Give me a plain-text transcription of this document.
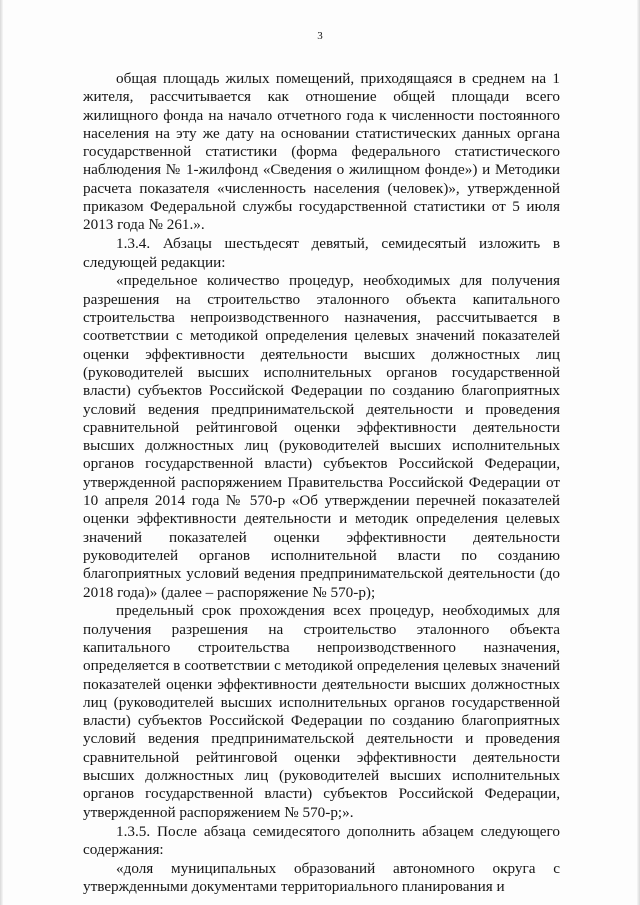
3

общая площадь жилых помещений, приходящаяся в среднем на 1 жителя, рассчитывается как отношение общей площади всего жилищного фонда на начало отчетного года к численности постоянного населения на эту же дату на основании статистических данных органа государственной статистики (форма федерального статистического наблюдения № 1-жилфонд «Сведения о жилищном фонде») и Методики расчета показателя «численность населения (человек)», утвержденной приказом Федеральной службы государственной статистики от 5 июля 2013 года № 261.».

1.3.4. Абзацы шестьдесят девятый, семидесятый изложить в следующей редакции:

«предельное количество процедур, необходимых для получения разрешения на строительство эталонного объекта капитального строительства непроизводственного назначения, рассчитывается в соответствии с методикой определения целевых значений показателей оценки эффективности деятельности высших должностных лиц (руководителей высших исполнительных органов государственной власти) субъектов Российской Федерации по созданию благоприятных условий ведения предпринимательской деятельности и проведения сравнительной рейтинговой оценки эффективности деятельности высших должностных лиц (руководителей высших исполнительных органов государственной власти) субъектов Российской Федерации, утвержденной распоряжением Правительства Российской Федерации от 10 апреля 2014 года № 570-р «Об утверждении перечней показателей оценки эффективности деятельности и методик определения целевых значений показателей оценки эффективности деятельности руководителей органов исполнительной власти по созданию благоприятных условий ведения предпринимательской деятельности (до 2018 года)» (далее – распоряжение № 570-р);

предельный срок прохождения всех процедур, необходимых для получения разрешения на строительство эталонного объекта капитального строительства непроизводственного назначения, определяется в соответствии с методикой определения целевых значений показателей оценки эффективности деятельности высших должностных лиц (руководителей высших исполнительных органов государственной власти) субъектов Российской Федерации по созданию благоприятных условий ведения предпринимательской деятельности и проведения сравнительной рейтинговой оценки эффективности деятельности высших должностных лиц (руководителей высших исполнительных органов государственной власти) субъектов Российской Федерации, утвержденной распоряжением № 570-р;».

1.3.5. После абзаца семидесятого дополнить абзацем следующего содержания:

«доля муниципальных образований автономного округа с утвержденными документами территориального планирования и
